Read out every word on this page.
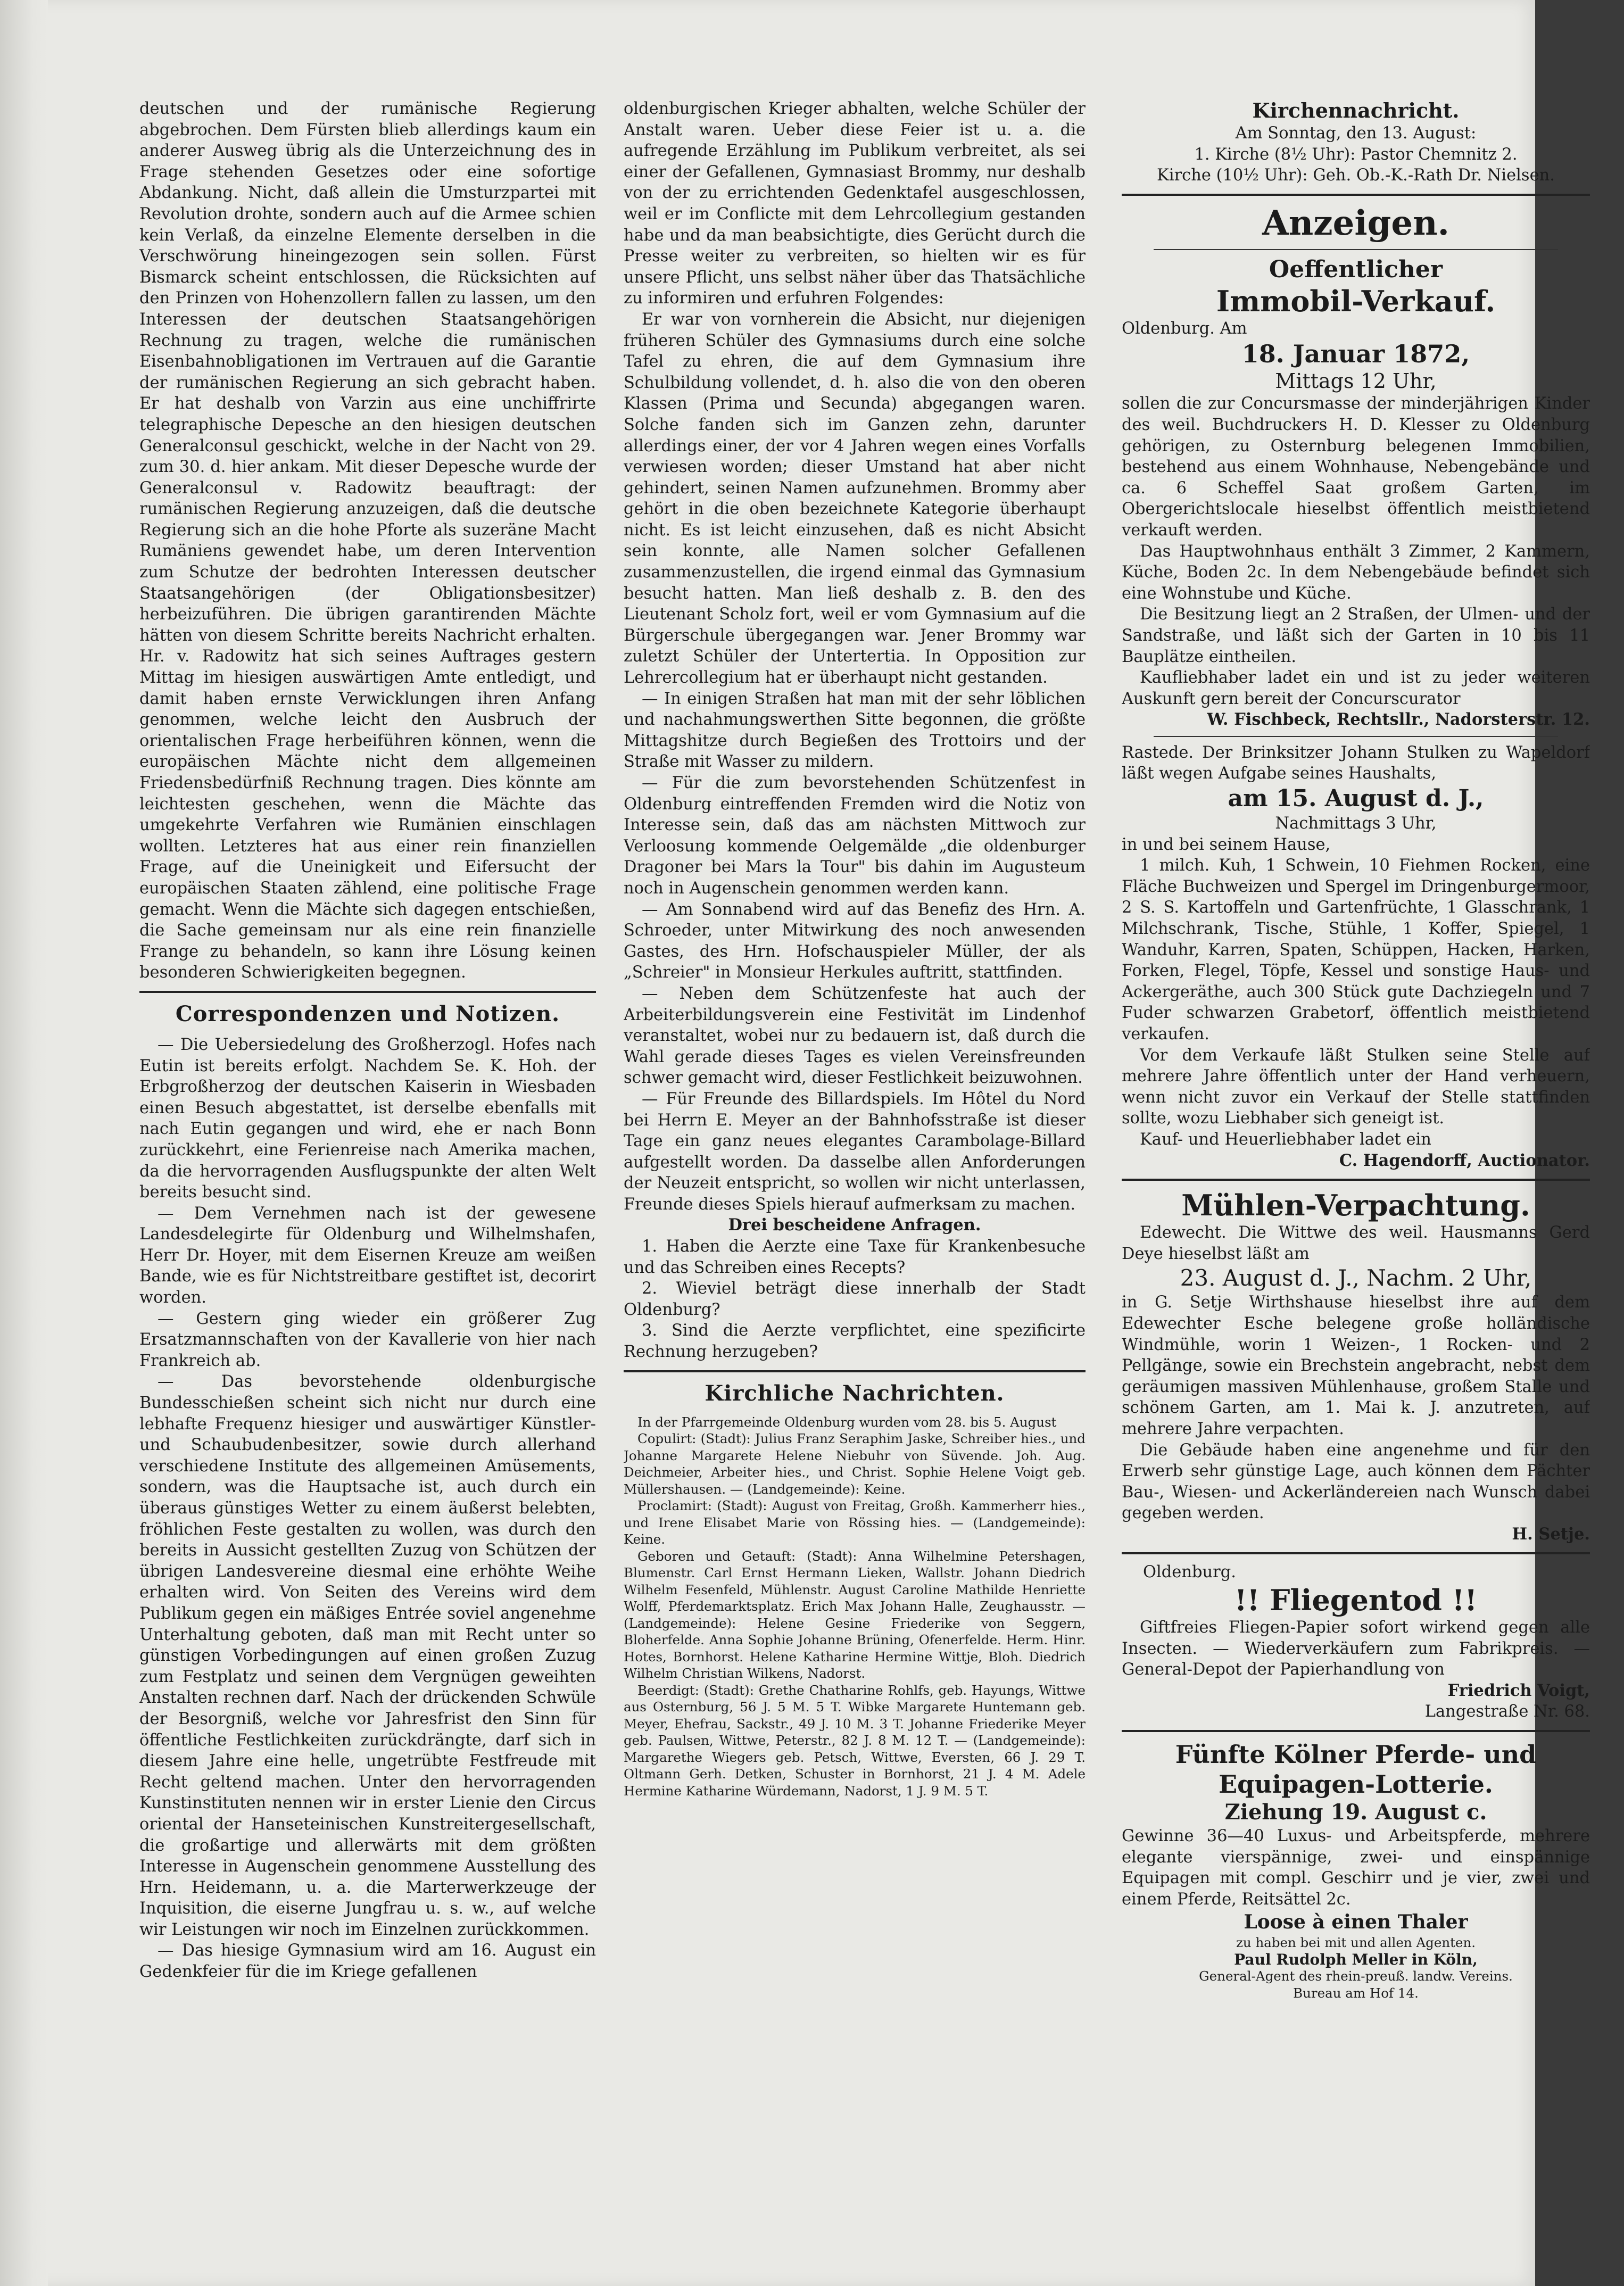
deutschen und der rumänische Regierung abgebrochen. Dem Fürsten blieb allerdings kaum ein anderer Ausweg übrig als die Unterzeichnung des in Frage stehenden Gesetzes oder eine sofortige Abdankung. Nicht, daß allein die Umsturzpartei mit Revolution drohte, sondern auch auf die Armee schien kein Verlaß, da einzelne Elemente derselben in die Verschwörung hineingezogen sein sollen. Fürst Bismarck scheint entschlossen, die Rücksichten auf den Prinzen von Hohenzollern fallen zu lassen, um den Interessen der deutschen Staatsangehörigen Rechnung zu tragen, welche die rumänischen Eisenbahnobligationen im Vertrauen auf die Garantie der rumänischen Regierung an sich gebracht haben. Er hat deshalb von Varzin aus eine unchiffrirte telegraphische Depesche an den hiesigen deutschen Generalconsul geschickt, welche in der Nacht von 29. zum 30. d. hier ankam. Mit dieser Depesche wurde der Generalconsul v. Radowitz beauftragt: der rumänischen Regierung anzuzeigen, daß die deutsche Regierung sich an die hohe Pforte als suzeräne Macht Rumäniens gewendet habe, um deren Intervention zum Schutze der bedrohten Interessen deutscher Staatsangehörigen (der Obligationsbesitzer) herbeizuführen. Die übrigen garantirenden Mächte hätten von diesem Schritte bereits Nachricht erhalten. Hr. v. Radowitz hat sich seines Auftrages gestern Mittag im hiesigen auswärtigen Amte entledigt, und damit haben ernste Verwicklungen ihren Anfang genommen, welche leicht den Ausbruch der orientalischen Frage herbeiführen können, wenn die europäischen Mächte nicht dem allgemeinen Friedensbedürfniß Rechnung tragen. Dies könnte am leichtesten geschehen, wenn die Mächte das umgekehrte Verfahren wie Rumänien einschlagen wollten. Letzteres hat aus einer rein finanziellen Frage, auf die Uneinigkeit und Eifersucht der europäischen Staaten zählend, eine politische Frage gemacht. Wenn die Mächte sich dagegen entschießen, die Sache gemeinsam nur als eine rein finanzielle Frange zu behandeln, so kann ihre Lösung keinen besonderen Schwierigkeiten begegnen.

Correspondenzen und Notizen.

— Die Uebersiedelung des Großherzogl. Hofes nach Eutin ist bereits erfolgt. Nachdem Se. K. Hoh. der Erbgroßherzog der deutschen Kaiserin in Wiesbaden einen Besuch abgestattet, ist derselbe ebenfalls mit nach Eutin gegangen und wird, ehe er nach Bonn zurückkehrt, eine Ferienreise nach Amerika machen, da die hervorragenden Ausflugspunkte der alten Welt bereits besucht sind.

— Dem Vernehmen nach ist der gewesene Landesdelegirte für Oldenburg und Wilhelmshafen, Herr Dr. Hoyer, mit dem Eisernen Kreuze am weißen Bande, wie es für Nichtstreitbare gestiftet ist, decorirt worden.

— Gestern ging wieder ein größerer Zug Ersatzmannschaften von der Kavallerie von hier nach Frankreich ab.

— Das bevorstehende oldenburgische Bundesschießen scheint sich nicht nur durch eine lebhafte Frequenz hiesiger und auswärtiger Künstler- und Schaubudenbesitzer, sowie durch allerhand verschiedene Institute des allgemeinen Amüsements, sondern, was die Hauptsache ist, auch durch ein überaus günstiges Wetter zu einem äußerst belebten, fröhlichen Feste gestalten zu wollen, was durch den bereits in Aussicht gestellten Zuzug von Schützen der übrigen Landesvereine diesmal eine erhöhte Weihe erhalten wird. Von Seiten des Vereins wird dem Publikum gegen ein mäßiges Entrée soviel angenehme Unterhaltung geboten, daß man mit Recht unter so günstigen Vorbedingungen auf einen großen Zuzug zum Festplatz und seinen dem Vergnügen geweihten Anstalten rechnen darf. Nach der drückenden Schwüle der Besorgniß, welche vor Jahresfrist den Sinn für öffentliche Festlichkeiten zurückdrängte, darf sich in diesem Jahre eine helle, ungetrübte Festfreude mit Recht geltend machen. Unter den hervorragenden Kunstinstituten nennen wir in erster Lienie den Circus oriental der Hanseteinischen Kunstreitergesellschaft, die großartige und allerwärts mit dem größten Interesse in Augenschein genommene Ausstellung des Hrn. Heidemann, u. a. die Marterwerkzeuge der Inquisition, die eiserne Jungfrau u. s. w., auf welche wir Leistungen wir noch im Einzelnen zurückkommen.

— Das hiesige Gymnasium wird am 16. August ein Gedenkfeier für die im Kriege gefallenen

oldenburgischen Krieger abhalten, welche Schüler der Anstalt waren. Ueber diese Feier ist u. a. die aufregende Erzählung im Publikum verbreitet, als sei einer der Gefallenen, Gymnasiast Brommy, nur deshalb von der zu errichtenden Gedenktafel ausgeschlossen, weil er im Conflicte mit dem Lehrcollegium gestanden habe und da man beabsichtigte, dies Gerücht durch die Presse weiter zu verbreiten, so hielten wir es für unsere Pflicht, uns selbst näher über das Thatsächliche zu informiren und erfuhren Folgendes:

Er war von vornherein die Absicht, nur diejenigen früheren Schüler des Gymnasiums durch eine solche Tafel zu ehren, die auf dem Gymnasium ihre Schulbildung vollendet, d. h. also die von den oberen Klassen (Prima und Secunda) abgegangen waren. Solche fanden sich im Ganzen zehn, darunter allerdings einer, der vor 4 Jahren wegen eines Vorfalls verwiesen worden; dieser Umstand hat aber nicht gehindert, seinen Namen aufzunehmen. Brommy aber gehört in die oben bezeichnete Kategorie überhaupt nicht. Es ist leicht einzusehen, daß es nicht Absicht sein konnte, alle Namen solcher Gefallenen zusammenzustellen, die irgend einmal das Gymnasium besucht hatten. Man ließ deshalb z. B. den des Lieutenant Scholz fort, weil er vom Gymnasium auf die Bürgerschule übergegangen war. Jener Brommy war zuletzt Schüler der Untertertia. In Opposition zur Lehrercollegium hat er überhaupt nicht gestanden.

— In einigen Straßen hat man mit der sehr löblichen und nachahmungswerthen Sitte begonnen, die größte Mittagshitze durch Begießen des Trottoirs und der Straße mit Wasser zu mildern.

— Für die zum bevorstehenden Schützenfest in Oldenburg eintreffenden Fremden wird die Notiz von Interesse sein, daß das am nächsten Mittwoch zur Verloosung kommende Oelgemälde „die oldenburger Dragoner bei Mars la Tour" bis dahin im Augusteum noch in Augenschein genommen werden kann.

— Am Sonnabend wird auf das Benefiz des Hrn. A. Schroeder, unter Mitwirkung des noch anwesenden Gastes, des Hrn. Hofschauspieler Müller, der als „Schreier" in Monsieur Herkules auftritt, stattfinden.

— Neben dem Schützenfeste hat auch der Arbeiterbildungsverein eine Festivität im Lindenhof veranstaltet, wobei nur zu bedauern ist, daß durch die Wahl gerade dieses Tages es vielen Vereinsfreunden schwer gemacht wird, dieser Festlichkeit beizuwohnen.

— Für Freunde des Billardspiels. Im Hôtel du Nord bei Herrn E. Meyer an der Bahnhofsstraße ist dieser Tage ein ganz neues elegantes Carambolage-Billard aufgestellt worden. Da dasselbe allen Anforderungen der Neuzeit entspricht, so wollen wir nicht unterlassen, Freunde dieses Spiels hierauf aufmerksam zu machen.

Drei bescheidene Anfragen.

1. Haben die Aerzte eine Taxe für Krankenbesuche und das Schreiben eines Recepts?

2. Wieviel beträgt diese innerhalb der Stadt Oldenburg?

3. Sind die Aerzte verpflichtet, eine spezificirte Rechnung herzugeben?

Kirchliche Nachrichten.

In der Pfarrgemeinde Oldenburg wurden vom 28. bis 5. August

Copulirt: (Stadt): Julius Franz Seraphim Jaske, Schreiber hies., und Johanne Margarete Helene Niebuhr von Süvende. Joh. Aug. Deichmeier, Arbeiter hies., und Christ. Sophie Helene Voigt geb. Müllershausen. — (Landgemeinde): Keine.

Proclamirt: (Stadt): August von Freitag, Großh. Kammerherr hies., und Irene Elisabet Marie von Rössing hies. — (Landgemeinde): Keine.

Geboren und Getauft: (Stadt): Anna Wilhelmine Petershagen, Blumenstr. Carl Ernst Hermann Lieken, Wallstr. Johann Diedrich Wilhelm Fesenfeld, Mühlenstr. August Caroline Mathilde Henriette Wolff, Pferdemarktsplatz. Erich Max Johann Halle, Zeughausstr. — (Landgemeinde): Helene Gesine Friederike von Seggern, Bloherfelde. Anna Sophie Johanne Brüning, Ofenerfelde. Herm. Hinr. Hotes, Bornhorst. Helene Katharine Hermine Wittje, Bloh. Diedrich Wilhelm Christian Wilkens, Nadorst.

Beerdigt: (Stadt): Grethe Chatharine Rohlfs, geb. Hayungs, Wittwe aus Osternburg, 56 J. 5 M. 5 T. Wibke Margarete Huntemann geb. Meyer, Ehefrau, Sackstr., 49 J. 10 M. 3 T. Johanne Friederike Meyer geb. Paulsen, Wittwe, Peterstr., 82 J. 8 M. 12 T. — (Landgemeinde): Margarethe Wiegers geb. Petsch, Wittwe, Eversten, 66 J. 29 T. Oltmann Gerh. Detken, Schuster in Bornhorst, 21 J. 4 M. Adele Hermine Katharine Würdemann, Nadorst, 1 J. 9 M. 5 T.

Kirchennachricht.
Am Sonntag, den 13. August:
1. Kirche (8½ Uhr): Pastor Chemnitz 2.
Kirche (10½ Uhr): Geh. Ob.-K.-Rath Dr. Nielsen.
Anzeigen.
Oeffentlicher
Immobil-Verkauf.
Oldenburg. Am
18. Januar 1872,
Mittags 12 Uhr,

sollen die zur Concursmasse der minderjährigen Kinder des weil. Buchdruckers H. D. Klesser zu Oldenburg gehörigen, zu Osternburg belegenen Immobilien, bestehend aus einem Wohnhause, Nebengebände und ca. 6 Scheffel Saat großem Garten, im Obergerichtslocale hieselbst öffentlich meistbietend verkauft werden.

Das Hauptwohnhaus enthält 3 Zimmer, 2 Kammern, Küche, Boden 2c. In dem Nebengebäude befindet sich eine Wohnstube und Küche.

Die Besitzung liegt an 2 Straßen, der Ulmen- und der Sandstraße, und läßt sich der Garten in 10 bis 11 Bauplätze eintheilen.

Kaufliebhaber ladet ein und ist zu jeder weiteren Auskunft gern bereit der Concurscurator

W. Fischbeck, Rechtsllr., Nadorsterstr. 12.

Rastede. Der Brinksitzer Johann Stulken zu Wapeldorf läßt wegen Aufgabe seines Haushalts,

am 15. August d. J.,
Nachmittags 3 Uhr,

in und bei seinem Hause,

1 milch. Kuh, 1 Schwein, 10 Fiehmen Rocken, eine Fläche Buchweizen und Spergel im Dringenburgermoor, 2 S. S. Kartoffeln und Gartenfrüchte, 1 Glasschrank, 1 Milchschrank, Tische, Stühle, 1 Koffer, Spiegel, 1 Wanduhr, Karren, Spaten, Schüppen, Hacken, Harken, Forken, Flegel, Töpfe, Kessel und sonstige Haus- und Ackergeräthe, auch 300 Stück gute Dachziegeln und 7 Fuder schwarzen Grabetorf, öffentlich meistbietend verkaufen.

Vor dem Verkaufe läßt Stulken seine Stelle auf mehrere Jahre öffentlich unter der Hand verheuern, wenn nicht zuvor ein Verkauf der Stelle stattfinden sollte, wozu Liebhaber sich geneigt ist.

Kauf- und Heuerliebhaber ladet ein

C. Hagendorff, Auctionator.
Mühlen-Verpachtung.

Edewecht. Die Wittwe des weil. Hausmanns Gerd Deye hieselbst läßt am

23. August d. J., Nachm. 2 Uhr,

in G. Setje Wirthshause hieselbst ihre auf dem Edewechter Esche belegene große holländische Windmühle, worin 1 Weizen-, 1 Rocken- und 2 Pellgänge, sowie ein Brechstein angebracht, nebst dem geräumigen massiven Mühlenhause, großem Stalle und schönem Garten, am 1. Mai k. J. anzutreten, auf mehrere Jahre verpachten.

Die Gebäude haben eine angenehme und für den Erwerb sehr günstige Lage, auch können dem Pächter Bau-, Wiesen- und Ackerländereien nach Wunsch dabei gegeben werden.

H. Setje.
Oldenburg.
!! Fliegentod !!

Giftfreies Fliegen-Papier sofort wirkend gegen alle Insecten. — Wiederverkäufern zum Fabrikpreis. — General-Depot der Papierhandlung von

Friedrich Voigt,
Langestraße Nr. 68.
Fünfte Kölner Pferde- und
Equipagen-Lotterie.
Ziehung 19. August c.

Gewinne 36—40 Luxus- und Arbeitspferde, mehrere elegante vierspännige, zwei- und einspännige Equipagen mit compl. Geschirr und je vier, zwei und einem Pferde, Reitsättel 2c.

Loose à einen Thaler
zu haben bei mit und allen Agenten.
Paul Rudolph Meller in Köln,
General-Agent des rhein-preuß. landw. Vereins.
Bureau am Hof 14.
